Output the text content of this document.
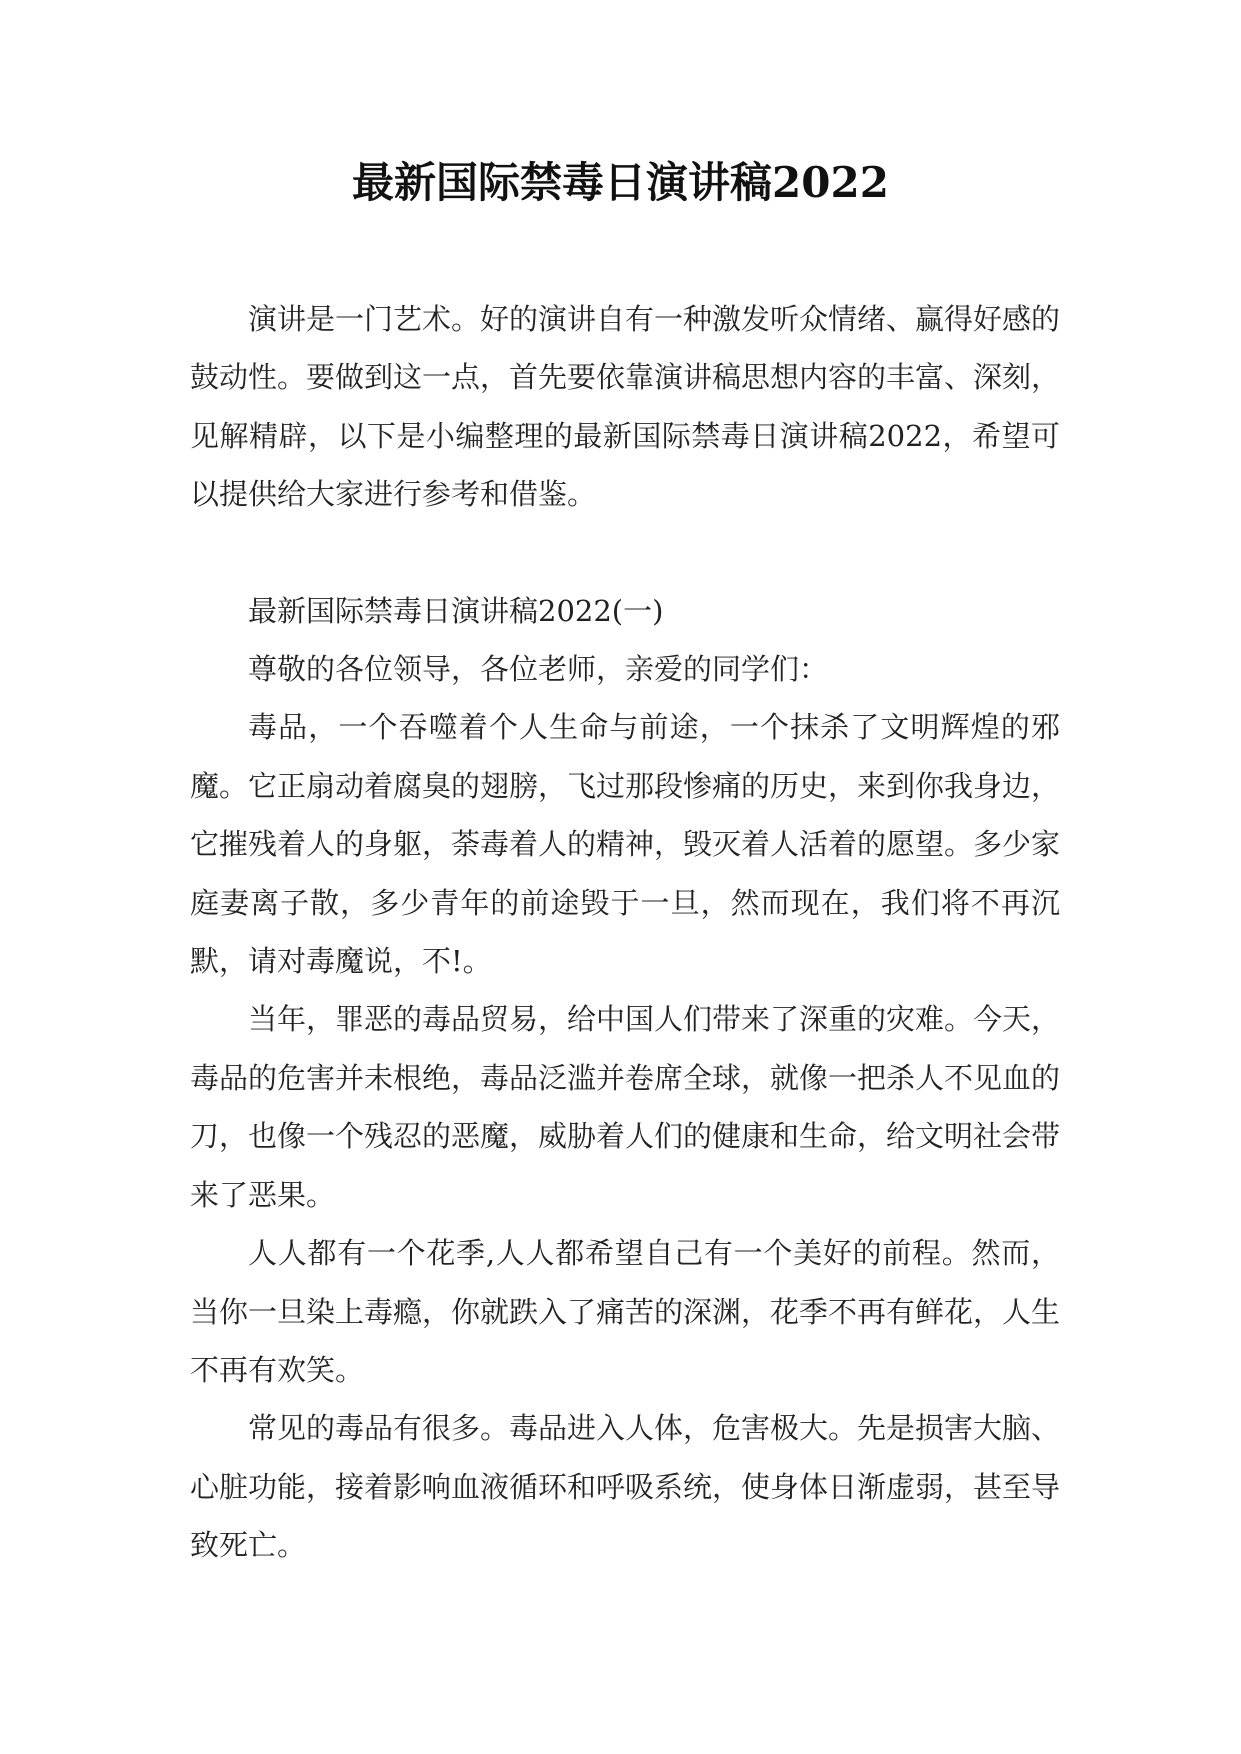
最新国际禁毒日演讲稿2022

演讲是一门艺术。好的演讲自有一种激发听众情绪、赢得好感的鼓动性。要做到这一点，首先要依靠演讲稿思想内容的丰富、深刻，见解精辟，以下是小编整理的最新国际禁毒日演讲稿2022，希望可以提供给大家进行参考和借鉴。

最新国际禁毒日演讲稿2022(一)

尊敬的各位领导，各位老师，亲爱的同学们：

毒品，一个吞噬着个人生命与前途，一个抹杀了文明辉煌的邪魔。它正扇动着腐臭的翅膀，飞过那段惨痛的历史，来到你我身边，它摧残着人的身躯，荼毒着人的精神，毁灭着人活着的愿望。多少家庭妻离子散，多少青年的前途毁于一旦，然而现在，我们将不再沉默，请对毒魔说，不!。

当年，罪恶的毒品贸易，给中国人们带来了深重的灾难。今天，毒品的危害并未根绝，毒品泛滥并卷席全球，就像一把杀人不见血的刀，也像一个残忍的恶魔，威胁着人们的健康和生命，给文明社会带来了恶果。

人人都有一个花季,人人都希望自己有一个美好的前程。然而，当你一旦染上毒瘾，你就跌入了痛苦的深渊，花季不再有鲜花，人生不再有欢笑。

常见的毒品有很多。毒品进入人体，危害极大。先是损害大脑、心脏功能，接着影响血液循环和呼吸系统，使身体日渐虚弱，甚至导致死亡。
